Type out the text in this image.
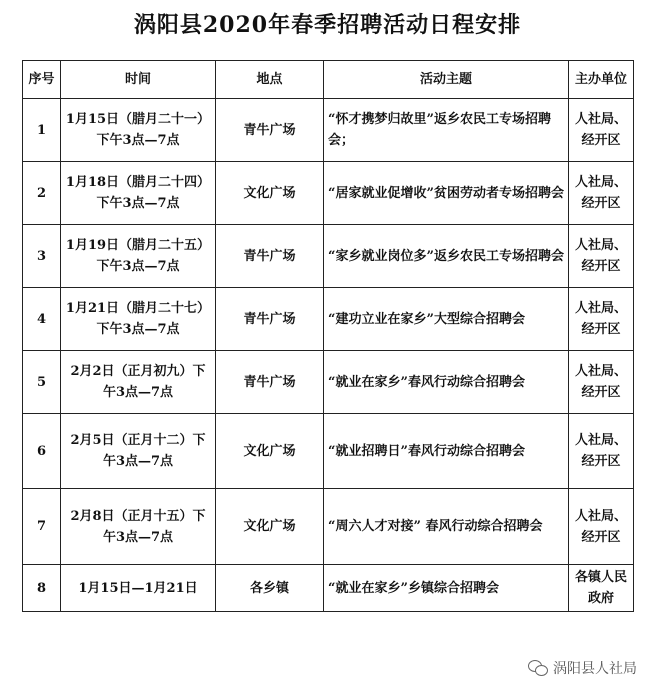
涡阳县2020年春季招聘活动日程安排
序号	时间	地点	活动主题	主办单位
1	1月15日（腊月二十一）下午3点—7点	青牛广场	“怀才携梦归故里”返乡农民工专场招聘会；	人社局、经开区
2	1月18日（腊月二十四）下午3点—7点	文化广场	“居家就业促增收”贫困劳动者专场招聘会	人社局、经开区
3	1月19日（腊月二十五）下午3点—7点	青牛广场	“家乡就业岗位多”返乡农民工专场招聘会	人社局、经开区
4	1月21日（腊月二十七）下午3点—7点	青牛广场	“建功立业在家乡”大型综合招聘会	人社局、经开区
5	2月2日（正月初九）下午3点—7点	青牛广场	“就业在家乡”春风行动综合招聘会	人社局、经开区
6	2月5日（正月十二）下午3点—7点	文化广场	“就业招聘日”春风行动综合招聘会	人社局、经开区
7	2月8日（正月十五）下午3点—7点	文化广场	“周六人才对接” 春风行动综合招聘会	人社局、经开区
8	1月15日—1月21日	各乡镇	“就业在家乡”乡镇综合招聘会	各镇人民政府
涡阳县人社局
